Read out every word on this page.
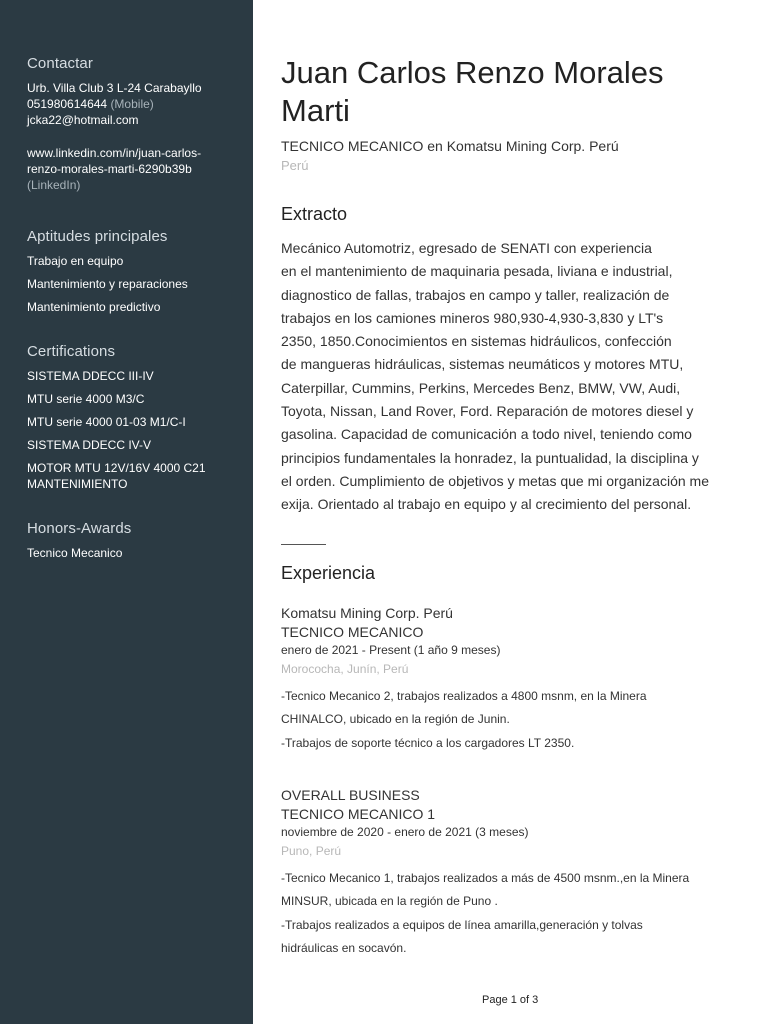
Contactar
Urb. Villa Club 3 L-24 Carabayllo
051980614644 (Mobile)
jcka22@hotmail.com
www.linkedin.com/in/juan-carlos-
renzo-morales-marti-6290b39b
(LinkedIn)
Aptitudes principales
Trabajo en equipo
Mantenimiento y reparaciones
Mantenimiento predictivo
Certifications
SISTEMA DDECC III-IV
MTU serie 4000 M3/C
MTU serie 4000 01-03 M1/C-I
SISTEMA DDECC IV-V
MOTOR MTU 12V/16V 4000 C21
MANTENIMIENTO
Honors-Awards
Tecnico Mecanico
Juan Carlos Renzo Morales
Marti
TECNICO MECANICO en Komatsu Mining Corp. Perú
Perú
Extracto
Mecánico Automotriz, egresado de SENATI con experiencia
en el mantenimiento de maquinaria pesada, liviana e industrial,
diagnostico de fallas, trabajos en campo y taller, realización de
trabajos en los camiones mineros 980,930-4,930-3,830 y LT's
2350, 1850.Conocimientos en sistemas hidráulicos, confección
de mangueras hidráulicas, sistemas neumáticos y motores MTU,
Caterpillar, Cummins, Perkins, Mercedes Benz, BMW, VW, Audi,
Toyota, Nissan, Land Rover, Ford. Reparación de motores diesel y
gasolina. Capacidad de comunicación a todo nivel, teniendo como
principios fundamentales la honradez, la puntualidad, la disciplina y
el orden. Cumplimiento de objetivos y metas que mi organización me
exija. Orientado al trabajo en equipo y al crecimiento del personal.
Experiencia
Komatsu Mining Corp. Perú
TECNICO MECANICO
enero de 2021 - Present (1 año 9 meses)
Morococha, Junín, Perú
-Tecnico Mecanico 2, trabajos realizados a 4800 msnm, en la Minera
CHINALCO, ubicado en la región de Junin.
-Trabajos de soporte técnico a los cargadores LT 2350.
OVERALL BUSINESS
TECNICO MECANICO 1
noviembre de 2020 - enero de 2021 (3 meses)
Puno, Perú
-Tecnico Mecanico 1, trabajos realizados a más de 4500 msnm.,en la Minera
MINSUR, ubicada en la región de Puno .
-Trabajos realizados a equipos de línea amarilla,generación y tolvas
hidráulicas en socavón.
Page 1 of 3
